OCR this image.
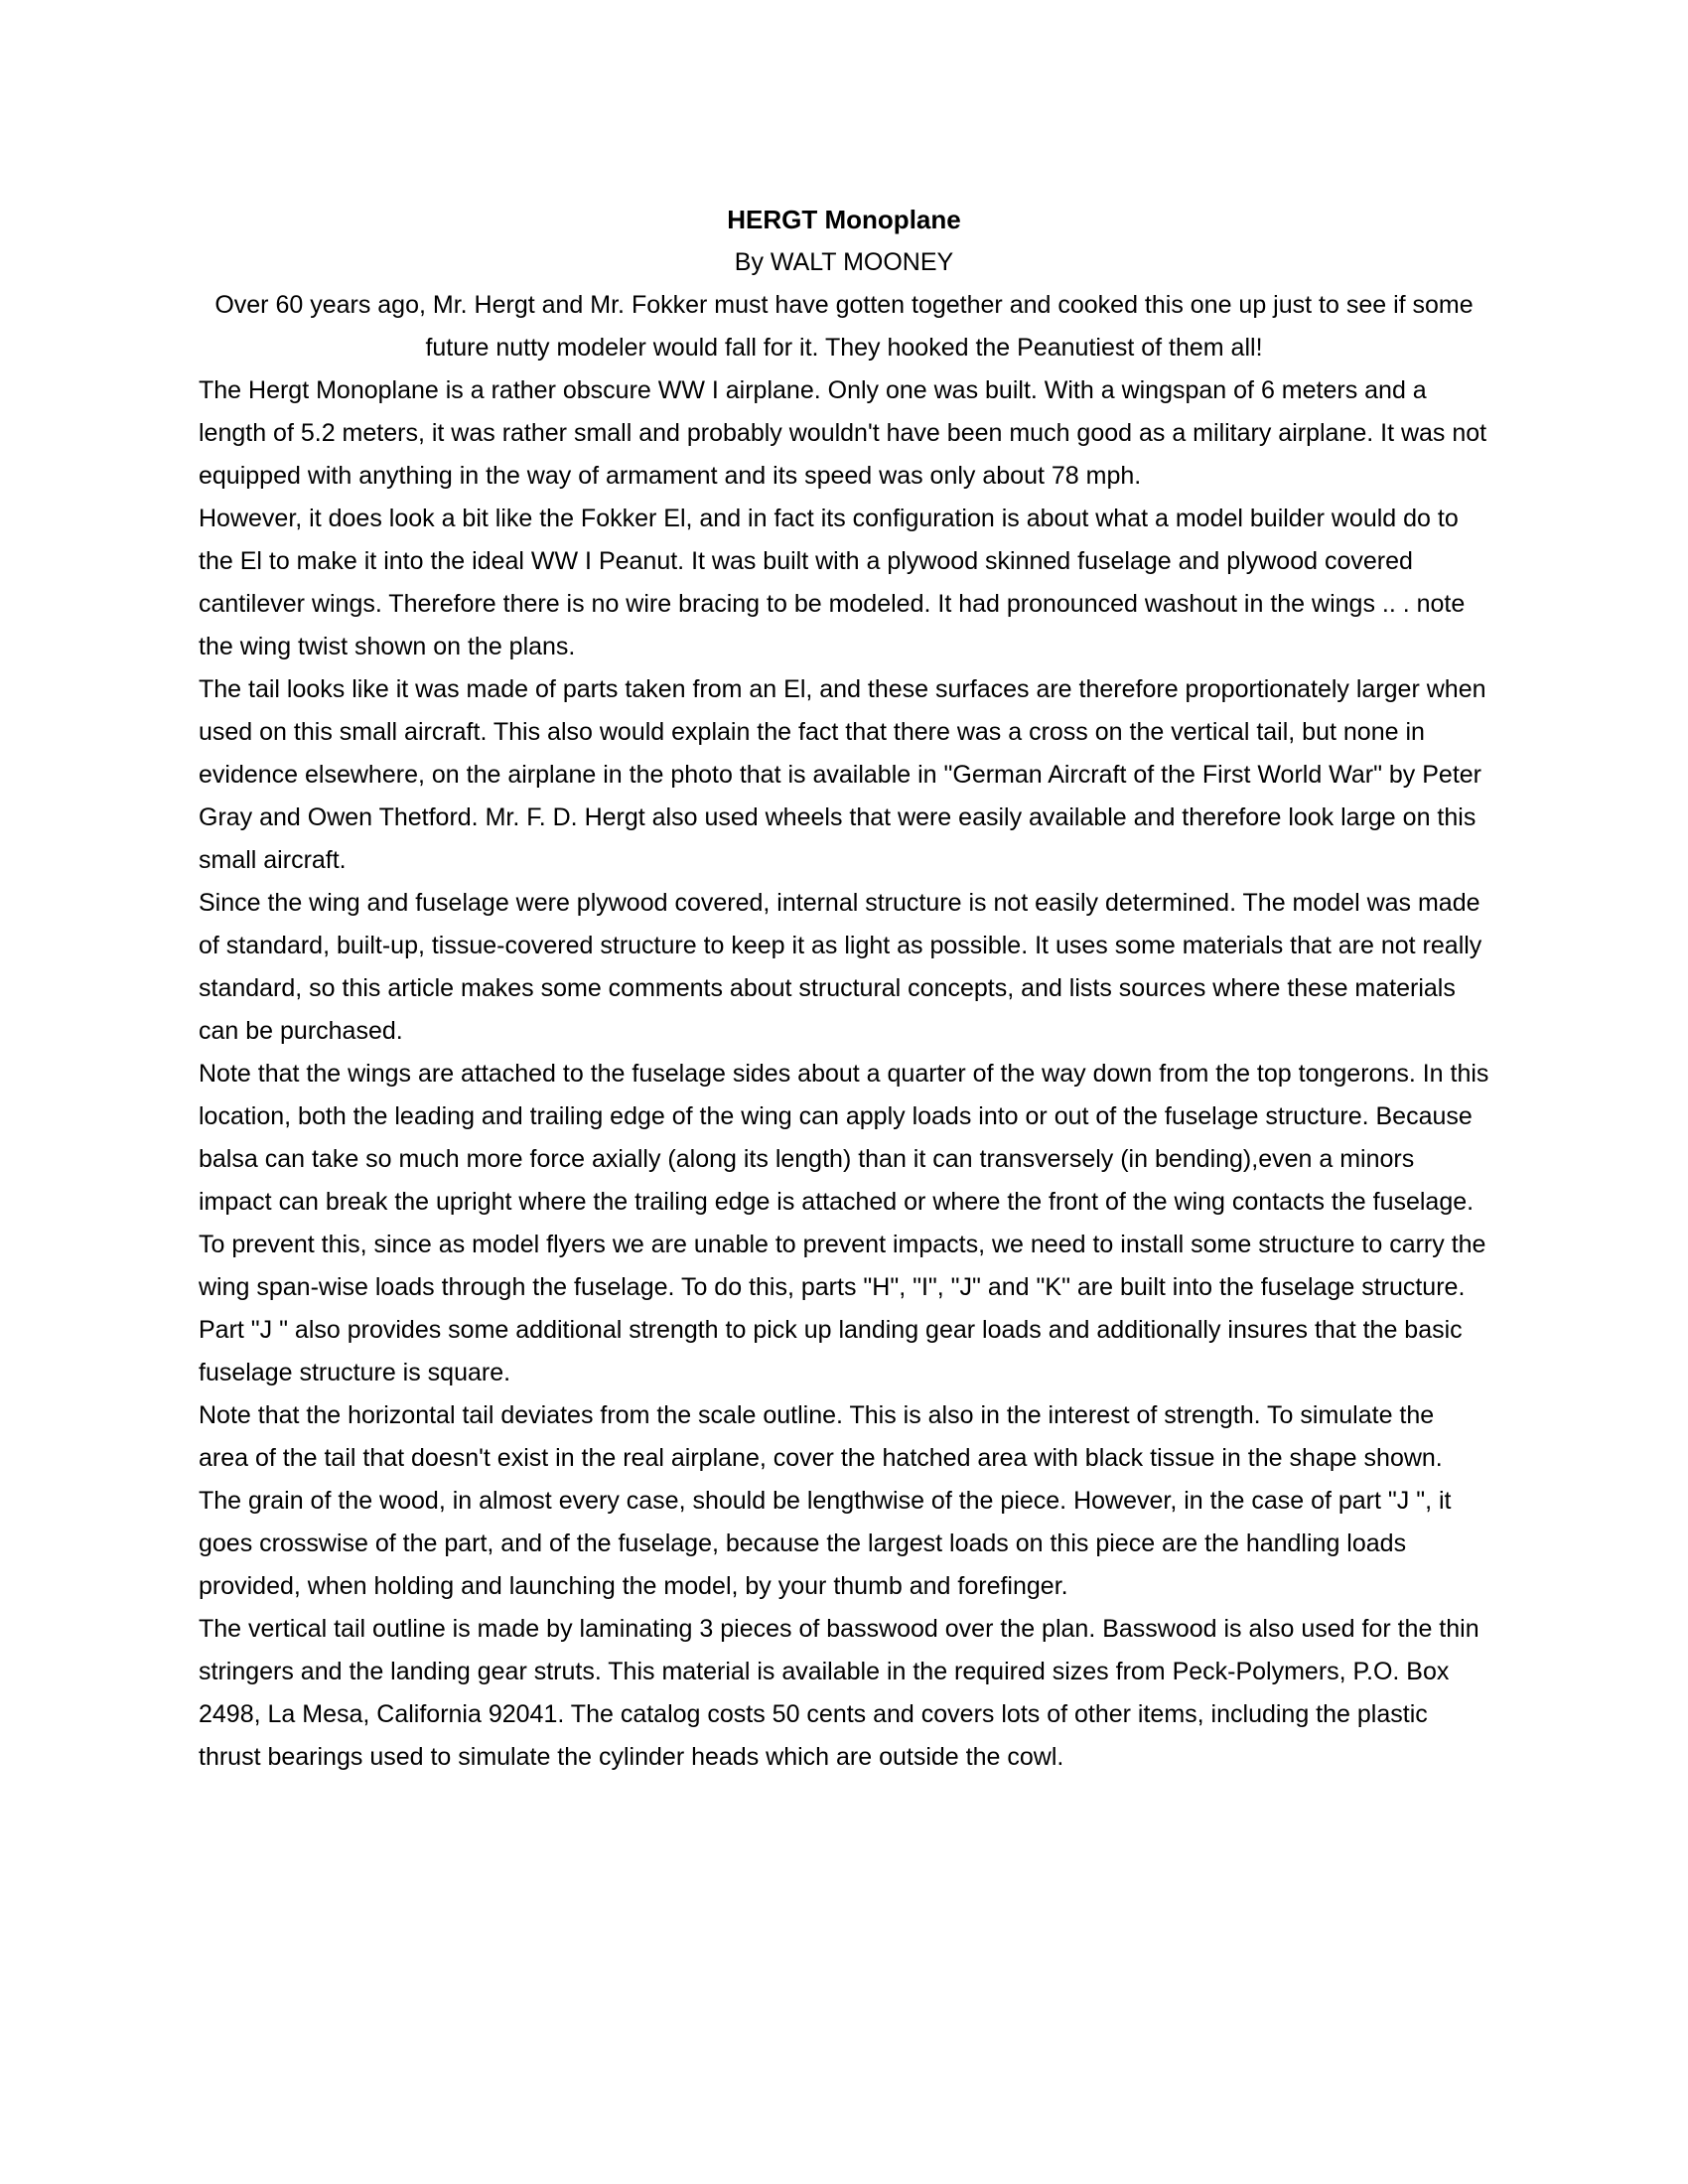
HERGT Monoplane

By WALT MOONEY

Over 60 years ago, Mr. Hergt and Mr. Fokker must have gotten together and cooked this one up just to see if some future nutty modeler would fall for it. They hooked the Peanutiest of them all!

The Hergt Monoplane is a rather obscure WW I airplane. Only one was built. With a wingspan of 6 meters and a length of 5.2 meters, it was rather small and probably wouldn't have been much good as a military airplane. It was not equipped with anything in the way of armament and its speed was only about 78 mph.

However, it does look a bit like the Fokker El, and in fact its configuration is about what a model builder would do to the El to make it into the ideal WW I Peanut. It was built with a plywood skinned fuselage and plywood covered cantilever wings. Therefore there is no wire bracing to be modeled. It had pronounced washout in the wings .. . note the wing twist shown on the plans.

The tail looks like it was made of parts taken from an El, and these surfaces are therefore proportionately larger when used on this small aircraft. This also would explain the fact that there was a cross on the vertical tail, but none in evidence elsewhere, on the airplane in the photo that is available in "German Aircraft of the First World War" by Peter Gray and Owen Thetford. Mr. F. D. Hergt also used wheels that were easily available and therefore look large on this small aircraft.

Since the wing and fuselage were plywood covered, internal structure is not easily determined. The model was made of standard, built-up, tissue-covered structure to keep it as light as possible. It uses some materials that are not really standard, so this article makes some comments about structural concepts, and lists sources where these materials can be purchased.

Note that the wings are attached to the fuselage sides about a quarter of the way down from the top tongerons. In this location, both the leading and trailing edge of the wing can apply loads into or out of the fuselage structure. Because balsa can take so much more force axially (along its length) than it can transversely (in bending),even a minors impact can break the upright where the trailing edge is attached or where the front of the wing contacts the fuselage. To prevent this, since as model flyers we are unable to prevent impacts, we need to install some structure to carry the wing span-wise loads through the fuselage. To do this, parts "H", "I", "J" and "K" are built into the fuselage structure. Part "J " also provides some additional strength to pick up landing gear loads and additionally insures that the basic fuselage structure is square.

Note that the horizontal tail deviates from the scale outline. This is also in the interest of strength. To simulate the area of the tail that doesn't exist in the real airplane, cover the hatched area with black tissue in the shape shown.

The grain of the wood, in almost every case, should be lengthwise of the piece. However, in the case of part "J ", it goes crosswise of the part, and of the fuselage, because the largest loads on this piece are the handling loads provided, when holding and launching the model, by your thumb and forefinger.

The vertical tail outline is made by laminating 3 pieces of basswood over the plan. Basswood is also used for the thin stringers and the landing gear struts. This material is available in the required sizes from Peck-Polymers, P.O. Box 2498, La Mesa, California 92041. The catalog costs 50 cents and covers lots of other items, including the plastic thrust bearings used to simulate the cylinder heads which are outside the cowl.
